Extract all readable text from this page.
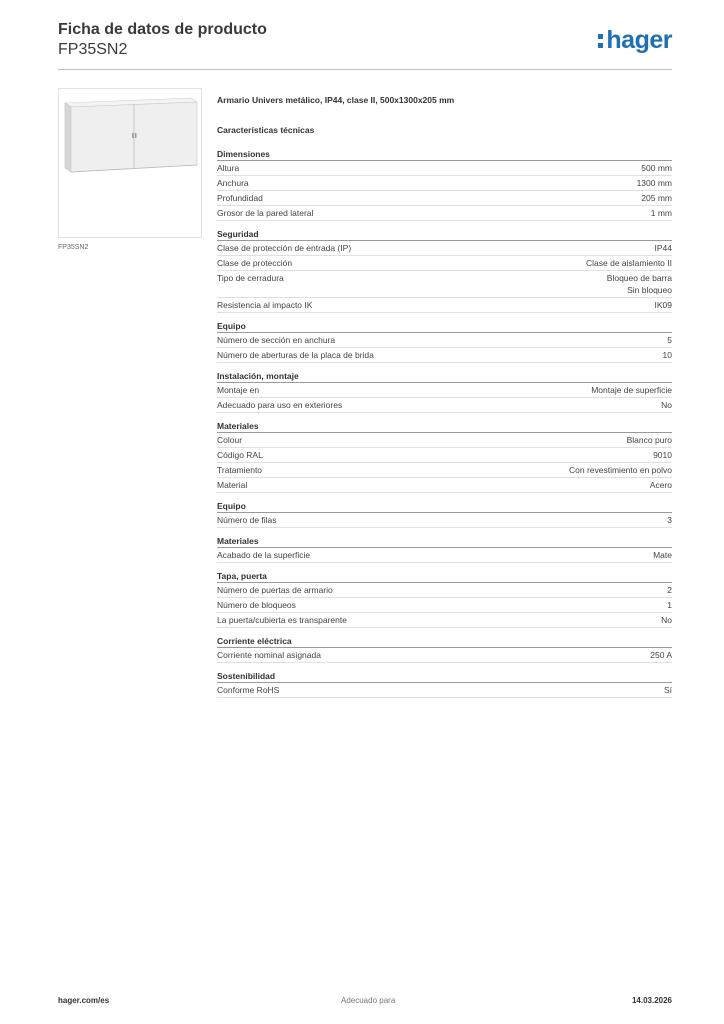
Ficha de datos de producto
FP35SN2	hager
FP35SN2
Armario Univers metálico, IP44, clase II, 500x1300x205 mm
Características técnicas
Dimensiones
Altura	500 mm
Anchura	1300 mm
Profundidad	205 mm
Grosor de la pared lateral	1 mm
Seguridad
Clase de protección de entrada (IP)	IP44
Clase de protección	Clase de aislamiento II
Tipo de cerradura	Bloqueo de barra
Sin bloqueo
Resistencia al impacto IK	IK09
Equipo
Número de sección en anchura	5
Número de aberturas de la placa de brida	10
Instalación, montaje
Montaje en	Montaje de superficie
Adecuado para uso en exteriores	No
Materiales
Colour	Blanco puro
Código RAL	9010
Tratamiento	Con revestimiento en polvo
Material	Acero
Equipo
Número de filas	3
Materiales
Acabado de la superficie	Mate
Tapa, puerta
Número de puertas de armario	2
Número de bloqueos	1
La puerta/cubierta es transparente	No
Corriente eléctrica
Corriente nominal asignada	250 A
Sostenibilidad
Conforme RoHS	Sí
hager.com/es	Adecuado para	14.03.2026
